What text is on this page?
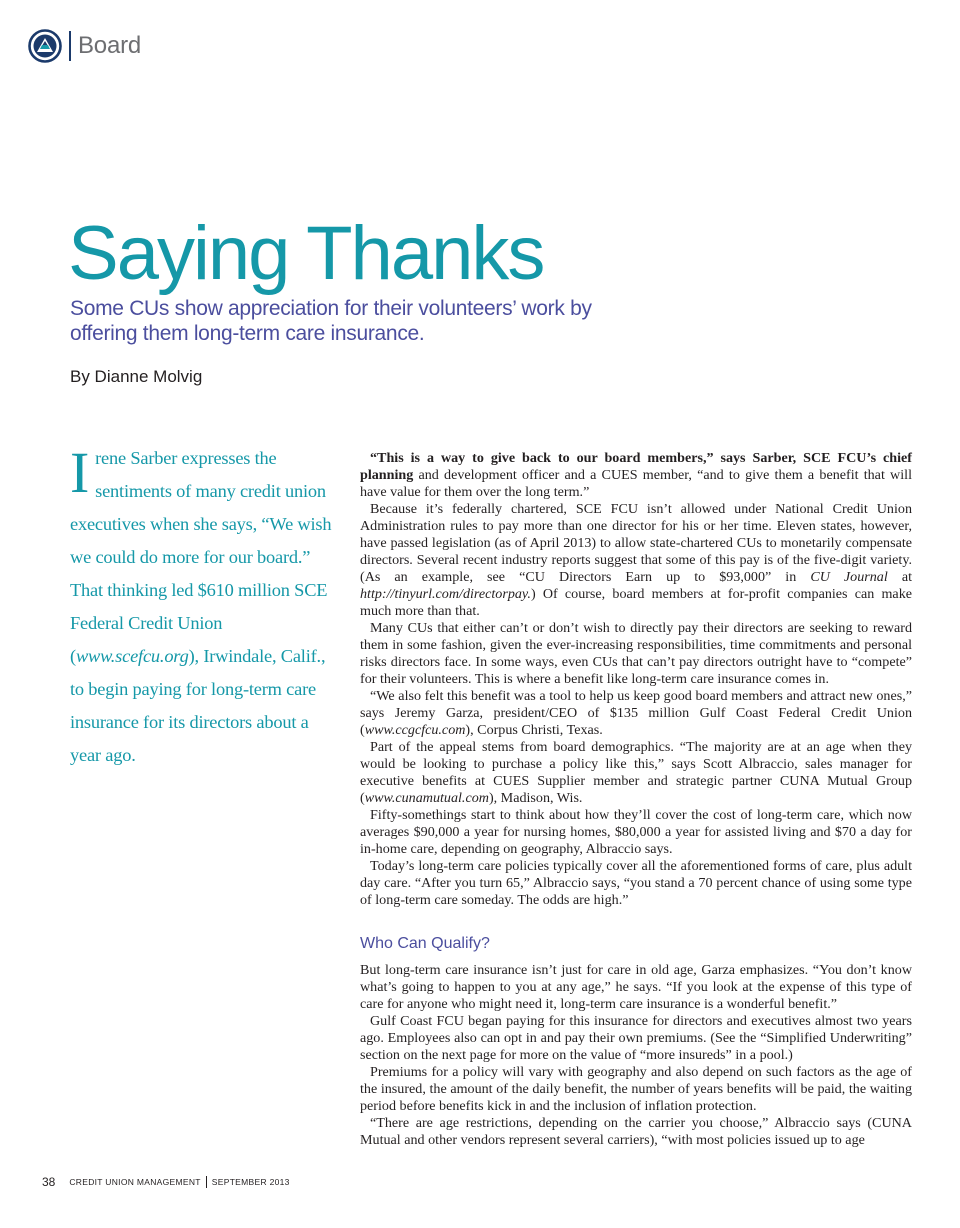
Board
Saying Thanks

Some CUs show appreciation for their volunteers’ work by offering them long-term care insurance.

By Dianne Molvig

Irene Sarber expresses the sentiments of many credit union executives when she says, “We wish we could do more for our board.” That thinking led $610 million SCE Federal Credit Union (www.scefcu.org), Irwindale, Calif., to begin paying for long-term care insurance for its directors about a year ago.

“This is a way to give back to our board members,” says Sarber, SCE FCU’s chief planning and development officer and a CUES member, “and to give them a benefit that will have value for them over the long term.”

Because it’s federally chartered, SCE FCU isn’t allowed under National Credit Union Administration rules to pay more than one director for his or her time. Eleven states, however, have passed legislation (as of April 2013) to allow state-chartered CUs to monetarily compensate directors. Several recent industry reports suggest that some of this pay is of the five-digit variety. (As an example, see “CU Directors Earn up to $93,000” in CU Journal at http://tinyurl.com/directorpay.) Of course, board members at for-profit companies can make much more than that.

Many CUs that either can’t or don’t wish to directly pay their directors are seeking to reward them in some fashion, given the ever-increasing responsibilities, time commitments and personal risks directors face. In some ways, even CUs that can’t pay directors outright have to “compete” for their volunteers. This is where a benefit like long-term care insurance comes in.

“We also felt this benefit was a tool to help us keep good board members and attract new ones,” says Jeremy Garza, president/CEO of $135 million Gulf Coast Federal Credit Union (www.ccgcfcu.com), Corpus Christi, Texas.

Part of the appeal stems from board demographics. “The majority are at an age when they would be looking to purchase a policy like this,” says Scott Albraccio, sales manager for executive benefits at CUES Supplier member and strategic partner CUNA Mutual Group (www.cunamutual.com), Madison, Wis.

Fifty-somethings start to think about how they’ll cover the cost of long-term care, which now averages $90,000 a year for nursing homes, $80,000 a year for assisted living and $70 a day for in-home care, depending on geography, Albraccio says.

Today’s long-term care policies typically cover all the aforementioned forms of care, plus adult day care. “After you turn 65,” Albraccio says, “you stand a 70 percent chance of using some type of long-term care someday. The odds are high.”

Who Can Qualify?

But long-term care insurance isn’t just for care in old age, Garza emphasizes. “You don’t know what’s going to happen to you at any age,” he says. “If you look at the expense of this type of care for anyone who might need it, long-term care insurance is a wonderful benefit.”

Gulf Coast FCU began paying for this insurance for directors and executives almost two years ago. Employees also can opt in and pay their own premiums. (See the “Simplified Underwriting” section on the next page for more on the value of “more insureds” in a pool.)

Premiums for a policy will vary with geography and also depend on such factors as the age of the insured, the amount of the daily benefit, the number of years benefits will be paid, the waiting period before benefits kick in and the inclusion of inflation protection.

“There are age restrictions, depending on the carrier you choose,” Albraccio says (CUNA Mutual and other vendors represent several carriers), “with most policies issued up to age

38 CREDIT UNION MANAGEMENT SEPTEMBER 2013
